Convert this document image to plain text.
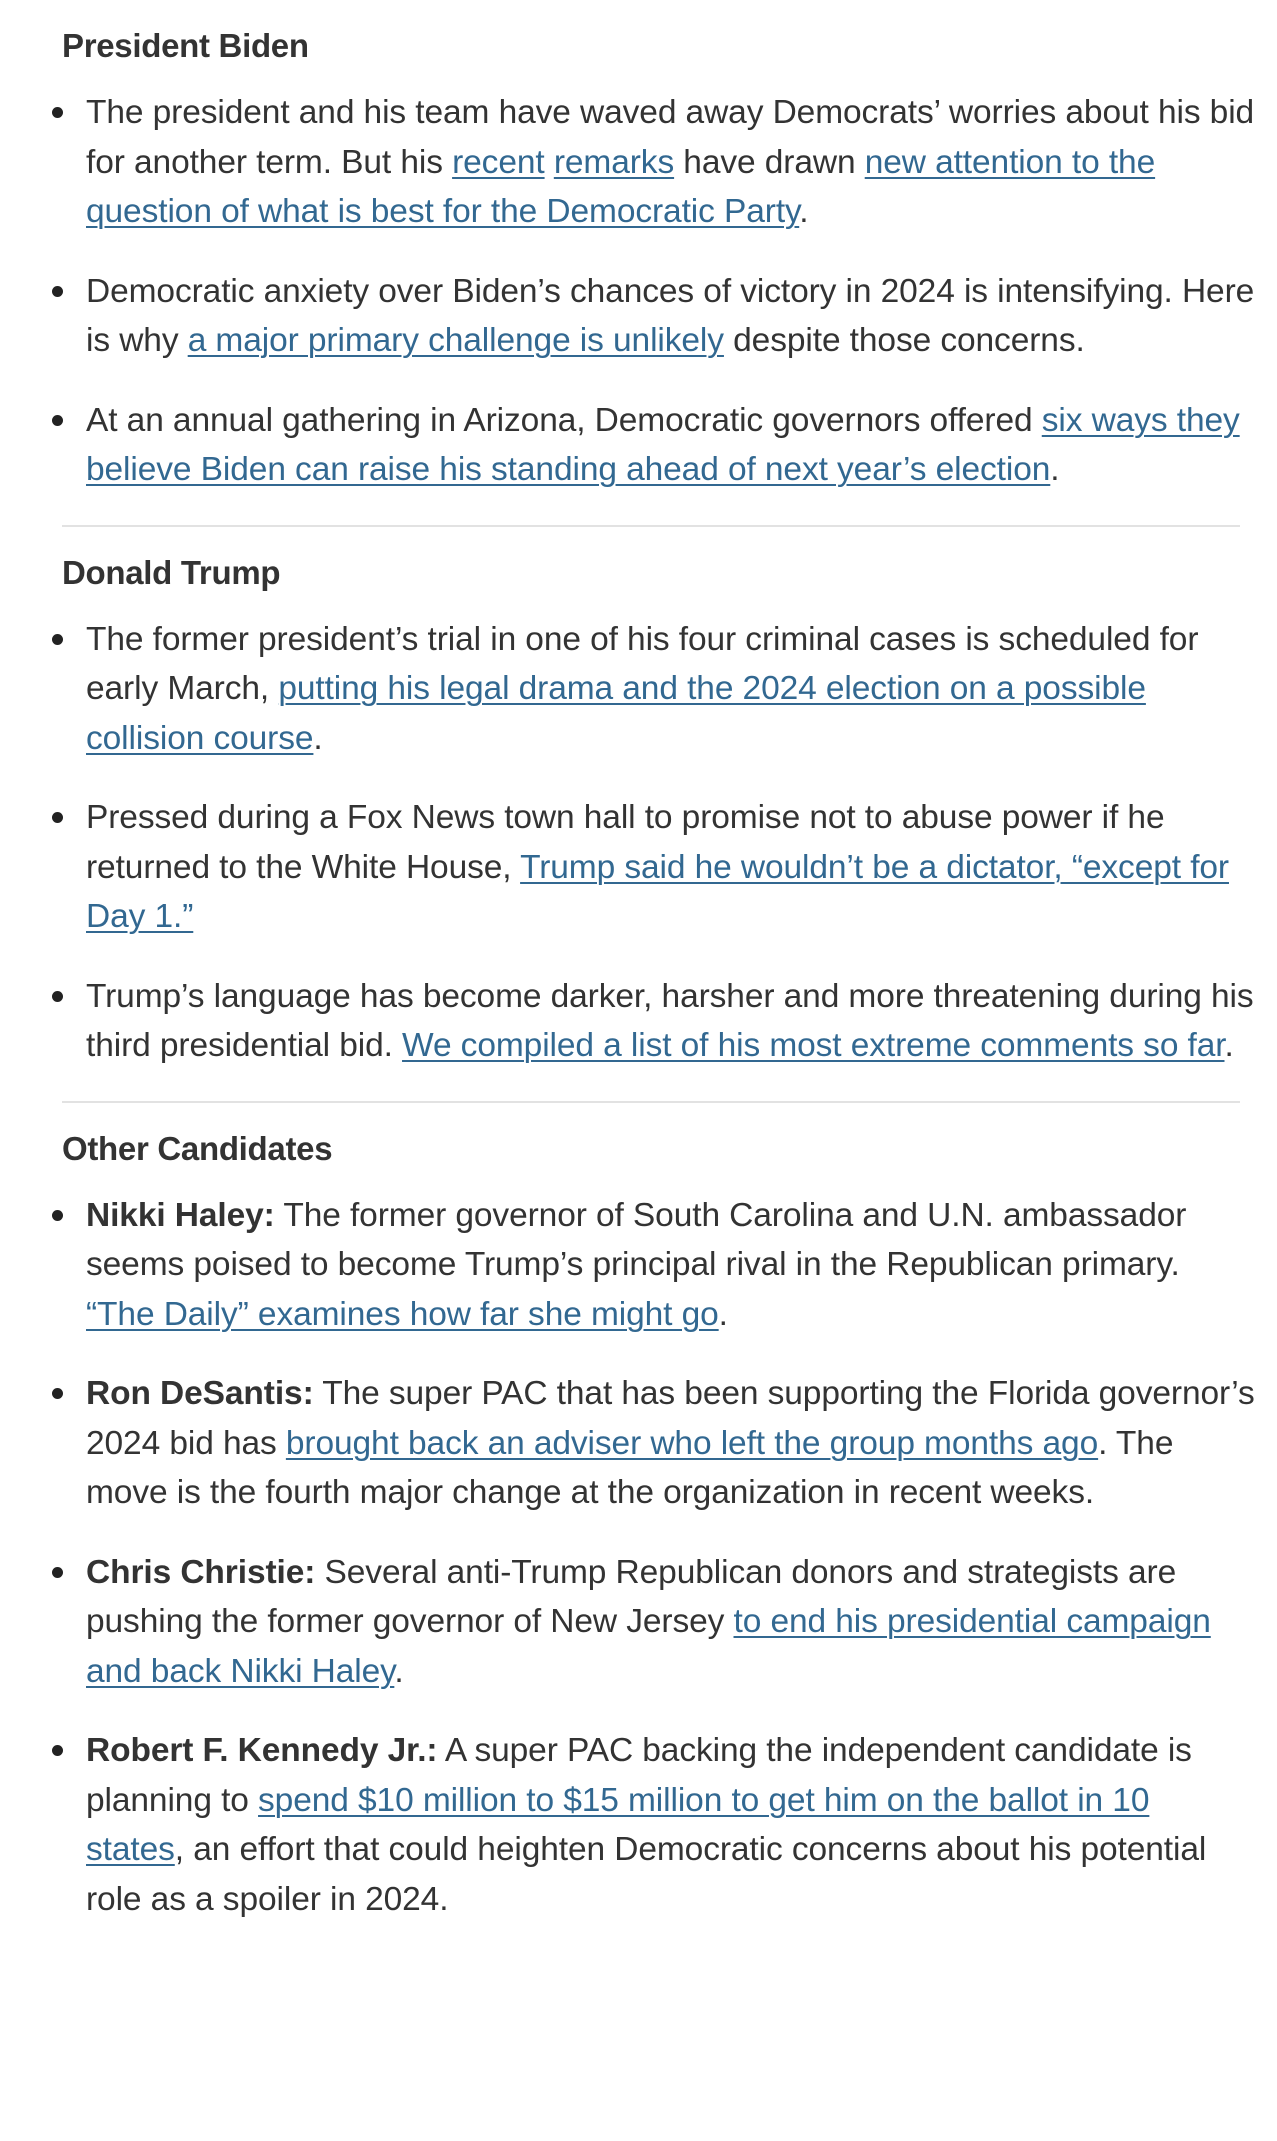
President Biden
The president and his team have waved away Democrats’ worries about his bid for another term. But his recent remarks have drawn new attention to the question of what is best for the Democratic Party.
Democratic anxiety over Biden’s chances of victory in 2024 is intensifying. Here is why a major primary challenge is unlikely despite those concerns.
At an annual gathering in Arizona, Democratic governors offered six ways they believe Biden can raise his standing ahead of next year’s election.
Donald Trump
The former president’s trial in one of his four criminal cases is scheduled for early March, putting his legal drama and the 2024 election on a possible collision course.
Pressed during a Fox News town hall to promise not to abuse power if he returned to the White House, Trump said he wouldn’t be a dictator, “except for Day 1.”
Trump’s language has become darker, harsher and more threatening during his third presidential bid. We compiled a list of his most extreme comments so far.
Other Candidates
Nikki Haley: The former governor of South Carolina and U.N. ambassador seems poised to become Trump’s principal rival in the Republican primary. “The Daily” examines how far she might go.
Ron DeSantis: The super PAC that has been supporting the Florida governor’s 2024 bid has brought back an adviser who left the group months ago. The move is the fourth major change at the organization in recent weeks.
Chris Christie: Several anti-Trump Republican donors and strategists are pushing the former governor of New Jersey to end his presidential campaign and back Nikki Haley.
Robert F. Kennedy Jr.: A super PAC backing the independent candidate is planning to spend $10 million to $15 million to get him on the ballot in 10 states, an effort that could heighten Democratic concerns about his potential role as a spoiler in 2024.
